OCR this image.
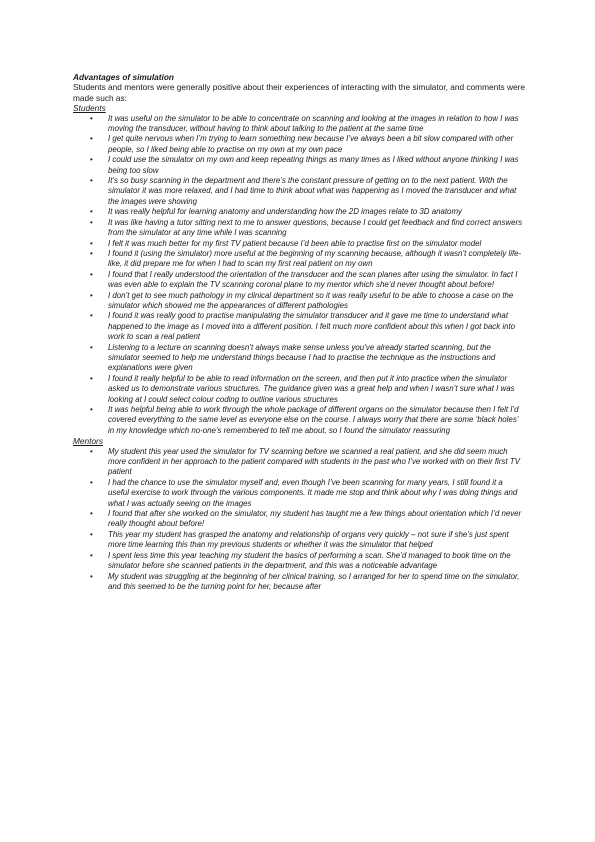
Advantages of simulation

Students and mentors were generally positive about their experiences of interacting with the simulator, and comments were made such as:

Students

• It was useful on the simulator to be able to concentrate on scanning and looking at the images in relation to how I was moving the transducer, without having to think about talking to the patient at the same time
• I get quite nervous when I’m trying to learn something new because I’ve always been a bit slow compared with other people, so I liked being able to practise on my own at my own pace
• I could use the simulator on my own and keep repeating things as many times as I liked without anyone thinking I was being too slow
• It’s so busy scanning in the department and there’s the constant pressure of getting on to the next patient. With the simulator it was more relaxed, and I had time to think about what was happening as I moved the transducer and what the images were showing
• It was really helpful for learning anatomy and understanding how the 2D images relate to 3D anatomy
• It was like having a tutor sitting next to me to answer questions, because I could get feedback and find correct answers from the simulator at any time while I was scanning
• I felt it was much better for my first TV patient because I’d been able to practise first on the simulator model
• I found it (using the simulator) more useful at the beginning of my scanning because, although it wasn’t completely life-like, it did prepare me for when I had to scan my first real patient on my own
• I found that I really understood the orientation of the transducer and the scan planes after using the simulator. In fact I was even able to explain the TV scanning coronal plane to my mentor which she’d never thought about before!
• I don’t get to see much pathology in my clinical department so it was really useful to be able to choose a case on the simulator which showed me the appearances of different pathologies
• I found it was really good to practise manipulating the simulator transducer and it gave me time to understand what happened to the image as I moved into a different position. I felt much more confident about this when I got back into work to scan a real patient
• Listening to a lecture on scanning doesn’t always make sense unless you’ve already started scanning, but the simulator seemed to help me understand things because I had to practise the technique as the instructions and explanations were given
• I found it really helpful to be able to read information on the screen, and then put it into practice when the simulator asked us to demonstrate various structures. The guidance given was a great help and when I wasn’t sure what I was looking at I could select colour coding to outline various structures
• It was helpful being able to work through the whole package of different organs on the simulator because then I felt I’d covered everything to the same level as everyone else on the course. I always worry that there are some ‘black holes’ in my knowledge which no-one’s remembered to tell me about, so I found the simulator reassuring

Mentors

• My student this year used the simulator for TV scanning before we scanned a real patient, and she did seem much more confident in her approach to the patient compared with students in the past who I’ve worked with on their first TV patient
• I had the chance to use the simulator myself and, even though I’ve been scanning for many years, I still found it a useful exercise to work through the various components. It made me stop and think about why I was doing things and what I was actually seeing on the images
• I found that after she worked on the simulator, my student has taught me a few things about orientation which I’d never really thought about before!
• This year my student has grasped the anatomy and relationship of organs very quickly – not sure if she’s just spent more time learning this than my previous students or whether it was the simulator that helped
• I spent less time this year teaching my student the basics of performing a scan. She’d managed to book time on the simulator before she scanned patients in the department, and this was a noticeable advantage
• My student was struggling at the beginning of her clinical training, so I arranged for her to spend time on the simulator, and this seemed to be the turning point for her, because after
